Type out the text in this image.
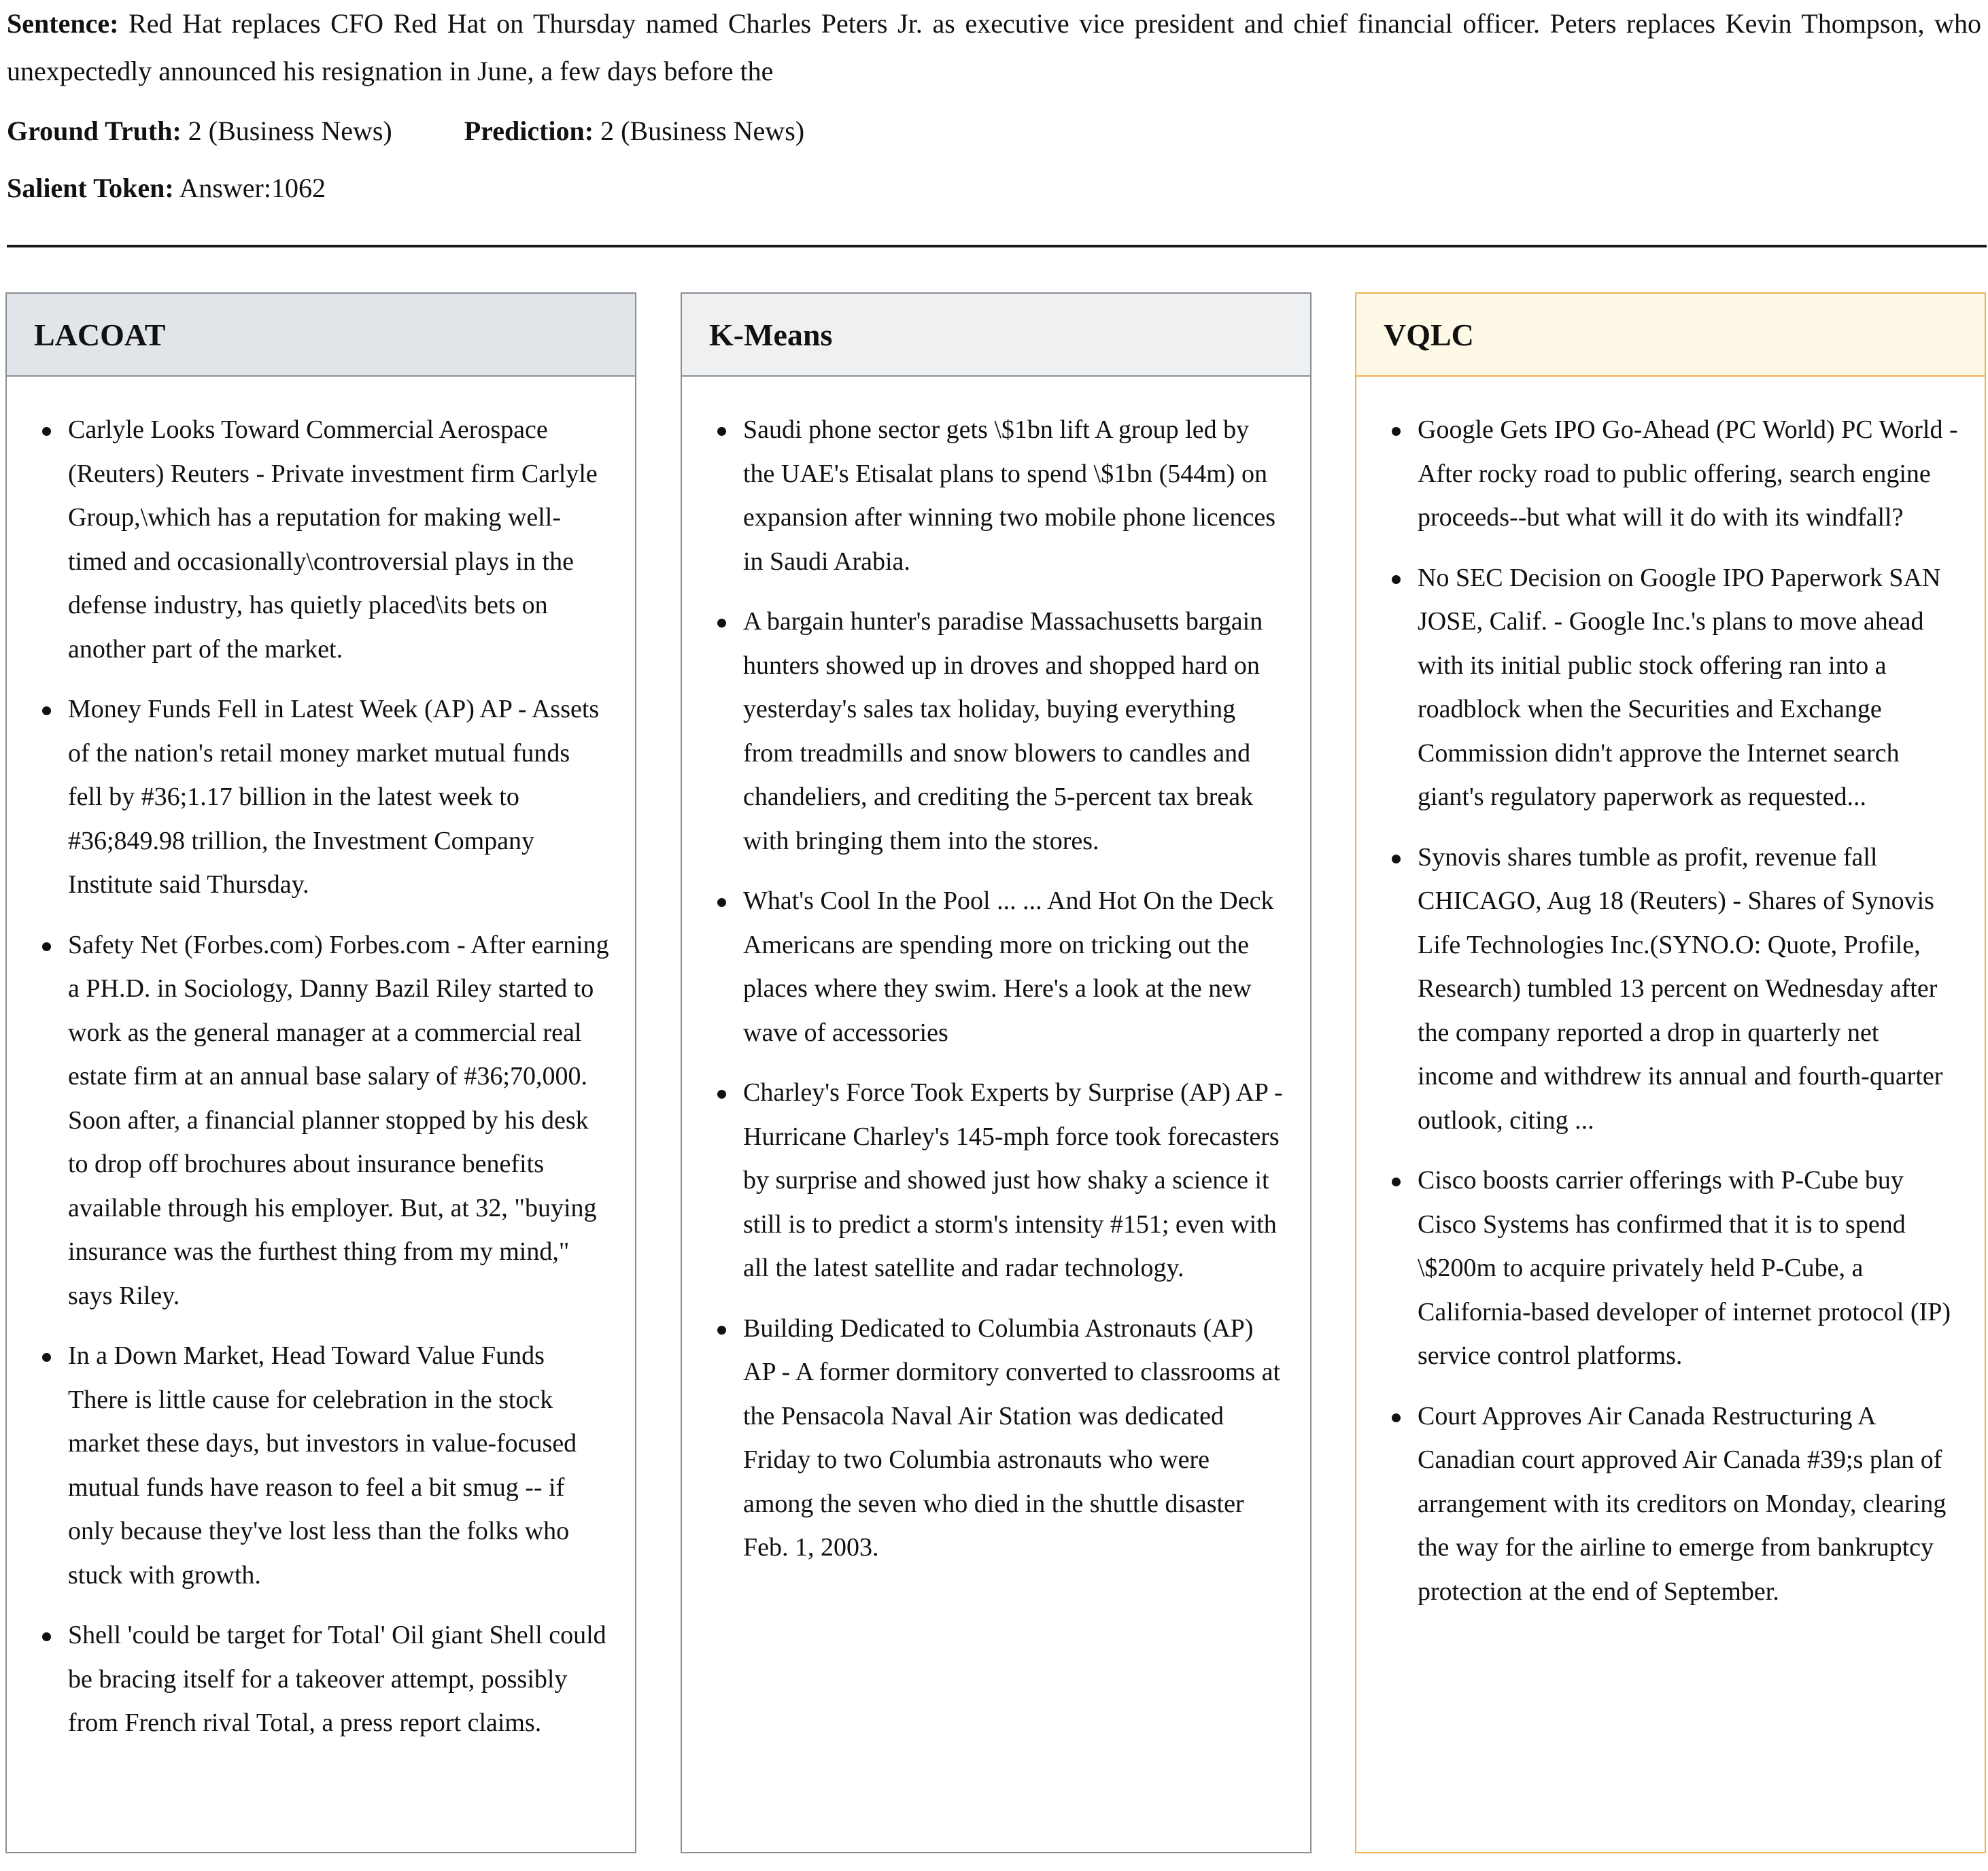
Sentence: Red Hat replaces CFO Red Hat on Thursday named Charles Peters Jr. as executive vice president and chief financial officer. Peters replaces Kevin Thompson, who unexpectedly announced his resignation in June, a few days before the

Ground Truth: 2 (Business News)	Prediction: 2 (Business News)
Salient Token: Answer:1062
LACOAT
Carlyle Looks Toward Commercial Aerospace (Reuters) Reuters - Private investment firm Carlyle Group,\which has a reputation for making well-timed and occasionally\controversial plays in the defense industry, has quietly placed\its bets on another part of the market.
Money Funds Fell in Latest Week (AP) AP - Assets of the nation's retail money market mutual funds fell by #36;1.17 billion in the latest week to #36;849.98 trillion, the Investment Company Institute said Thursday.
Safety Net (Forbes.com) Forbes.com - After earning a PH.D. in Sociology, Danny Bazil Riley started to work as the general manager at a commercial real estate firm at an annual base salary of #36;70,000. Soon after, a financial planner stopped by his desk to drop off brochures about insurance benefits available through his employer. But, at 32, "buying insurance was the furthest thing from my mind," says Riley.
In a Down Market, Head Toward Value Funds There is little cause for celebration in the stock market these days, but investors in value-focused mutual funds have reason to feel a bit smug -- if only because they've lost less than the folks who stuck with growth.
Shell 'could be target for Total' Oil giant Shell could be bracing itself for a takeover attempt, possibly from French rival Total, a press report claims.
K-Means
Saudi phone sector gets \$1bn lift A group led by the UAE's Etisalat plans to spend \$1bn (544m) on expansion after winning two mobile phone licences in Saudi Arabia.
A bargain hunter's paradise Massachusetts bargain hunters showed up in droves and shopped hard on yesterday's sales tax holiday, buying everything from treadmills and snow blowers to candles and chandeliers, and crediting the 5-percent tax break with bringing them into the stores.
What's Cool In the Pool ... ... And Hot On the Deck Americans are spending more on tricking out the places where they swim. Here's a look at the new wave of accessories
Charley's Force Took Experts by Surprise (AP) AP - Hurricane Charley's 145-mph force took forecasters by surprise and showed just how shaky a science it still is to predict a storm's intensity #151; even with all the latest satellite and radar technology.
Building Dedicated to Columbia Astronauts (AP) AP - A former dormitory converted to classrooms at the Pensacola Naval Air Station was dedicated Friday to two Columbia astronauts who were among the seven who died in the shuttle disaster Feb. 1, 2003.
VQLC
Google Gets IPO Go-Ahead (PC World) PC World - After rocky road to public offering, search engine proceeds--but what will it do with its windfall?
No SEC Decision on Google IPO Paperwork SAN JOSE, Calif. - Google Inc.'s plans to move ahead with its initial public stock offering ran into a roadblock when the Securities and Exchange Commission didn't approve the Internet search giant's regulatory paperwork as requested...
Synovis shares tumble as profit, revenue fall CHICAGO, Aug 18 (Reuters) - Shares of Synovis Life Technologies Inc.(SYNO.O: Quote, Profile, Research) tumbled 13 percent on Wednesday after the company reported a drop in quarterly net income and withdrew its annual and fourth-quarter outlook, citing ...
Cisco boosts carrier offerings with P-Cube buy Cisco Systems has confirmed that it is to spend \$200m to acquire privately held P-Cube, a California-based developer of internet protocol (IP) service control platforms.
Court Approves Air Canada Restructuring A Canadian court approved Air Canada #39;s plan of arrangement with its creditors on Monday, clearing the way for the airline to emerge from bankruptcy protection at the end of September.
